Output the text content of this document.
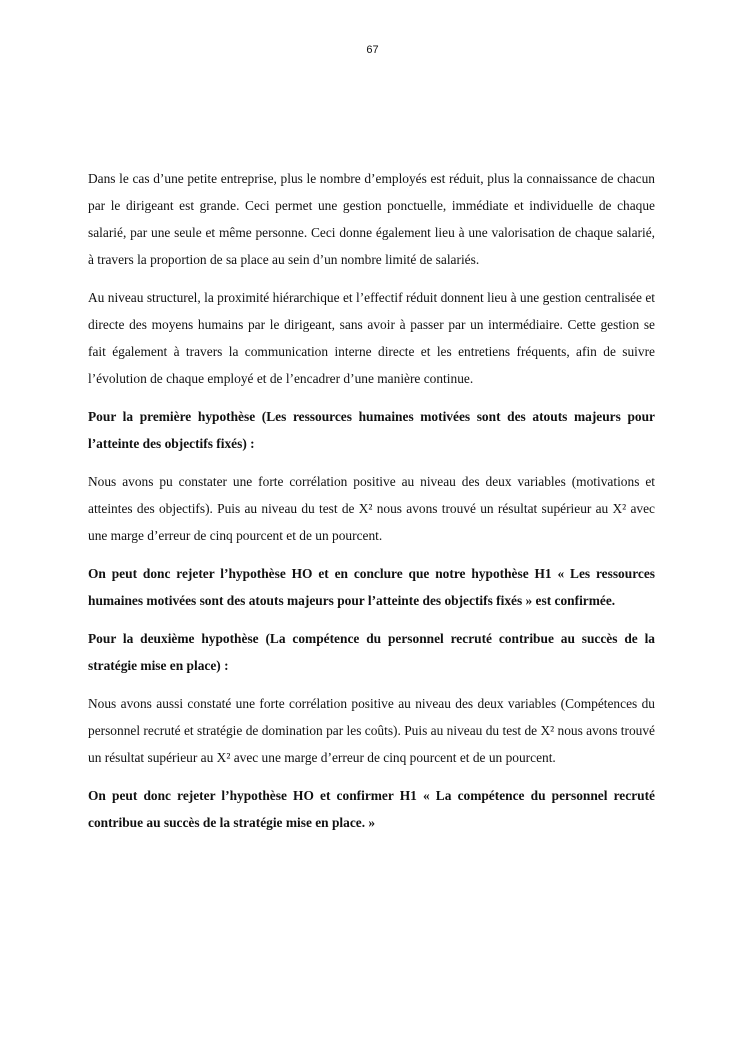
67

Dans le cas d’une petite entreprise, plus le nombre d’employés est réduit, plus la connaissance de chacun par le dirigeant est grande. Ceci permet une gestion ponctuelle, immédiate et individuelle de chaque salarié, par une seule et même personne. Ceci donne également lieu à une valorisation de chaque salarié, à travers la proportion de sa place au sein d’un nombre limité de salariés.

Au niveau structurel, la proximité hiérarchique et l’effectif réduit donnent lieu à une gestion centralisée et directe des moyens humains par le dirigeant, sans avoir à passer par un intermédiaire. Cette gestion se fait également à travers la communication interne directe et les entretiens fréquents, afin de suivre l’évolution de chaque employé et de l’encadrer d’une manière continue.

Pour la première hypothèse (Les ressources humaines motivées sont des atouts majeurs pour l’atteinte des objectifs fixés) :

Nous avons pu constater une forte corrélation positive au niveau des deux variables (motivations et atteintes des objectifs). Puis au niveau du test de X² nous avons trouvé un résultat supérieur au X² avec une marge d’erreur de cinq pourcent et de un pourcent.

On peut donc rejeter l’hypothèse HO et en conclure que notre hypothèse H1 « Les ressources humaines motivées sont des atouts majeurs pour l’atteinte des objectifs fixés » est confirmée.

Pour la deuxième hypothèse (La compétence du personnel recruté contribue au succès de la stratégie mise en place) :

Nous avons aussi constaté une forte corrélation positive au niveau des deux variables (Compétences du personnel recruté et stratégie de domination par les coûts). Puis au niveau du test de X² nous avons trouvé un résultat supérieur au X² avec une marge d’erreur de cinq pourcent et de un pourcent.

On peut donc rejeter l’hypothèse HO et confirmer H1 « La compétence du personnel recruté contribue au succès de la stratégie mise en place. »
